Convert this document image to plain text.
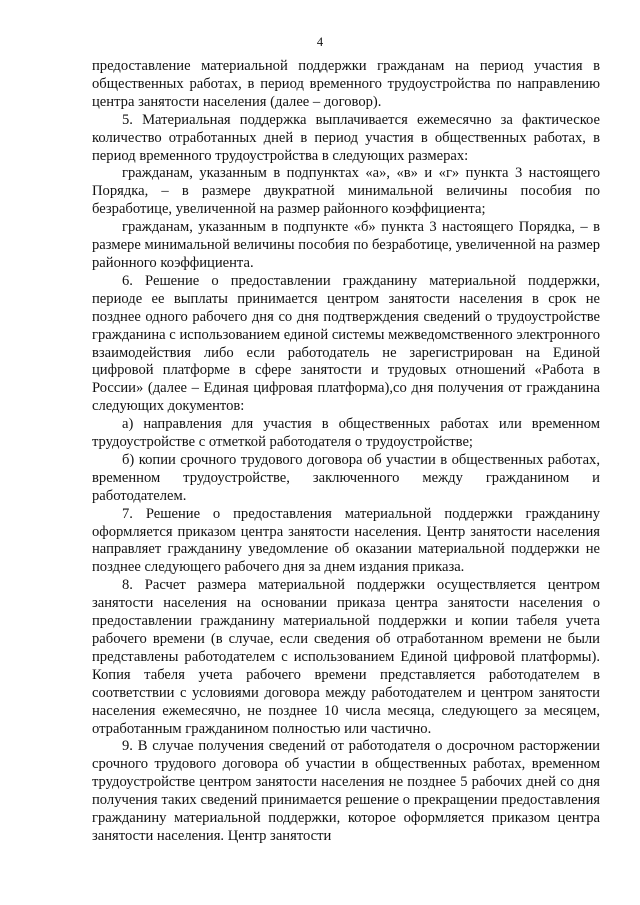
4

предоставление материальной поддержки гражданам на период участия в общественных работах, в период временного трудоустройства по направлению центра занятости населения (далее – договор).

5. Материальная поддержка выплачивается ежемесячно за фактическое количество отработанных дней в период участия в общественных работах, в период временного трудоустройства в следующих размерах:

гражданам, указанным в подпунктах «а», «в» и «г» пункта 3 настоящего Порядка, – в размере двукратной минимальной величины пособия по безработице, увеличенной на размер районного коэффициента;

гражданам, указанным в подпункте «б» пункта 3 настоящего Порядка, – в размере минимальной величины пособия по безработице, увеличенной на размер районного коэффициента.

6. Решение о предоставлении гражданину материальной поддержки, периоде ее выплаты принимается центром занятости населения в срок не позднее одного рабочего дня со дня подтверждения сведений о трудоустройстве гражданина с использованием единой системы межведомственного электронного взаимодействия либо если работодатель не зарегистрирован на Единой цифровой платформе в сфере занятости и трудовых отношений «Работа в России» (далее – Единая цифровая платформа),со дня получения от гражданина следующих документов:

а) направления для участия в общественных работах или временном трудоустройстве с отметкой работодателя о трудоустройстве;

б) копии срочного трудового договора об участии в общественных работах, временном трудоустройстве, заключенного между гражданином и работодателем.

7. Решение о предоставления материальной поддержки гражданину оформляется приказом центра занятости населения. Центр занятости населения направляет гражданину уведомление об оказании материальной поддержки не позднее следующего рабочего дня за днем издания приказа.

8. Расчет размера материальной поддержки осуществляется центром занятости населения на основании приказа центра занятости населения о предоставлении гражданину материальной поддержки и копии табеля учета рабочего времени (в случае, если сведения об отработанном времени не были представлены работодателем с использованием Единой цифровой платформы). Копия табеля учета рабочего времени представляется работодателем в соответствии с условиями договора между работодателем и центром занятости населения ежемесячно, не позднее 10 числа месяца, следующего за месяцем, отработанным гражданином полностью или частично.

9. В случае получения сведений от работодателя о досрочном расторжении срочного трудового договора об участии в общественных работах, временном трудоустройстве центром занятости населения не позднее 5 рабочих дней со дня получения таких сведений принимается решение о прекращении предоставления гражданину материальной поддержки, которое оформляется приказом центра занятости населения. Центр занятости
